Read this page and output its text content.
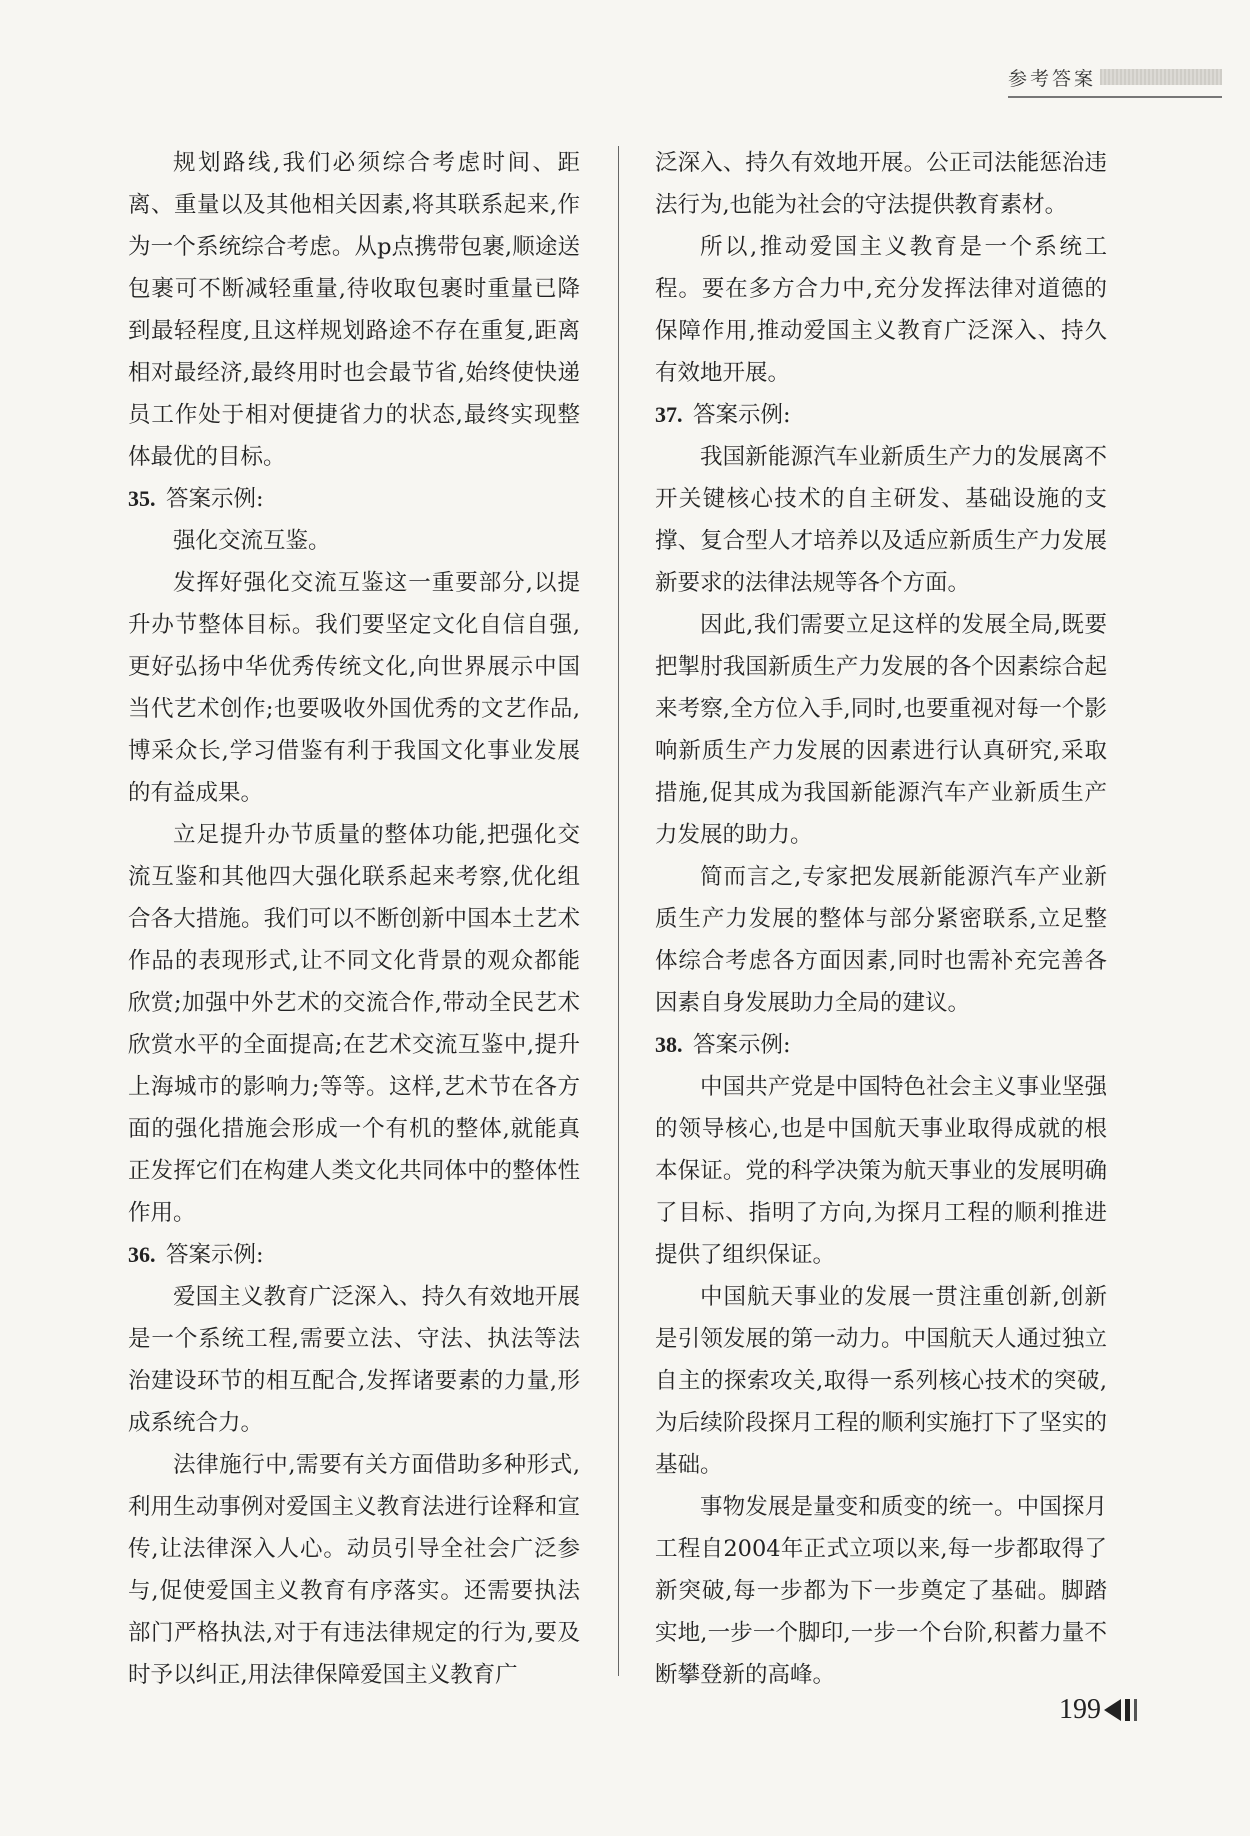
参考答案

规划路线,我们必须综合考虑时间、距离、重量以及其他相关因素,将其联系起来,作为一个系统综合考虑。从p点携带包裹,顺途送包裹可不断减轻重量,待收取包裹时重量已降到最轻程度,且这样规划路途不存在重复,距离相对最经济,最终用时也会最节省,始终使快递员工作处于相对便捷省力的状态,最终实现整体最优的目标。

35. 答案示例:

强化交流互鉴。

发挥好强化交流互鉴这一重要部分,以提升办节整体目标。我们要坚定文化自信自强,更好弘扬中华优秀传统文化,向世界展示中国当代艺术创作;也要吸收外国优秀的文艺作品,博采众长,学习借鉴有利于我国文化事业发展的有益成果。

立足提升办节质量的整体功能,把强化交流互鉴和其他四大强化联系起来考察,优化组合各大措施。我们可以不断创新中国本土艺术作品的表现形式,让不同文化背景的观众都能欣赏;加强中外艺术的交流合作,带动全民艺术欣赏水平的全面提高;在艺术交流互鉴中,提升上海城市的影响力;等等。这样,艺术节在各方面的强化措施会形成一个有机的整体,就能真正发挥它们在构建人类文化共同体中的整体性作用。

36. 答案示例:

爱国主义教育广泛深入、持久有效地开展是一个系统工程,需要立法、守法、执法等法治建设环节的相互配合,发挥诸要素的力量,形成系统合力。

法律施行中,需要有关方面借助多种形式,利用生动事例对爱国主义教育法进行诠释和宣传,让法律深入人心。动员引导全社会广泛参与,促使爱国主义教育有序落实。还需要执法部门严格执法,对于有违法律规定的行为,要及时予以纠正,用法律保障爱国主义教育广

泛深入、持久有效地开展。公正司法能惩治违法行为,也能为社会的守法提供教育素材。

所以,推动爱国主义教育是一个系统工程。要在多方合力中,充分发挥法律对道德的保障作用,推动爱国主义教育广泛深入、持久有效地开展。

37. 答案示例:

我国新能源汽车业新质生产力的发展离不开关键核心技术的自主研发、基础设施的支撑、复合型人才培养以及适应新质生产力发展新要求的法律法规等各个方面。

因此,我们需要立足这样的发展全局,既要把掣肘我国新质生产力发展的各个因素综合起来考察,全方位入手,同时,也要重视对每一个影响新质生产力发展的因素进行认真研究,采取措施,促其成为我国新能源汽车产业新质生产力发展的助力。

简而言之,专家把发展新能源汽车产业新质生产力发展的整体与部分紧密联系,立足整体综合考虑各方面因素,同时也需补充完善各因素自身发展助力全局的建议。

38. 答案示例:

中国共产党是中国特色社会主义事业坚强的领导核心,也是中国航天事业取得成就的根本保证。党的科学决策为航天事业的发展明确了目标、指明了方向,为探月工程的顺利推进提供了组织保证。

中国航天事业的发展一贯注重创新,创新是引领发展的第一动力。中国航天人通过独立自主的探索攻关,取得一系列核心技术的突破,为后续阶段探月工程的顺利实施打下了坚实的基础。

事物发展是量变和质变的统一。中国探月工程自2004年正式立项以来,每一步都取得了新突破,每一步都为下一步奠定了基础。脚踏实地,一步一个脚印,一步一个台阶,积蓄力量不断攀登新的高峰。

199
